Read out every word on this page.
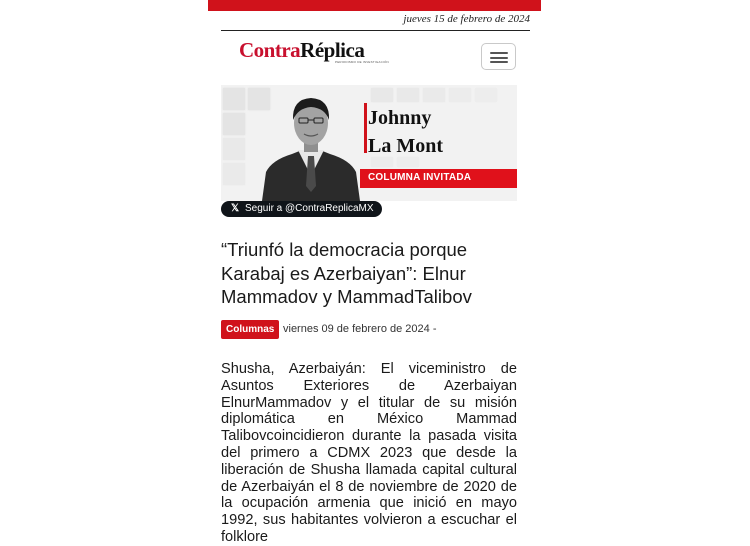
jueves 15 de febrero de 2024
ContraRéplica
PERIODISMO DE INVESTIGACIÓN
Johnny
La Mont
COLUMNA INVITADA
𝕏 Seguir a @ContraReplicaMX
“Triunfó la democracia porque Karabaj es Azerbaiyan”: Elnur Mammadov y MammadTalibov
Columnas viernes 09 de febrero de 2024 -
Shusha, Azerbaiyán: El viceministro de Asuntos Exteriores de Azerbaiyan ElnurMammadov y el titular de su misión diplomática en México Mammad Talibovcoincidieron durante la pasada visita del primero a CDMX 2023 que desde la liberación de Shusha llamada capital cultural de Azerbaiyán el 8 de noviembre de 2020 de la ocupación armenia que inició en mayo 1992, sus habitantes volvieron a escuchar el folklore
